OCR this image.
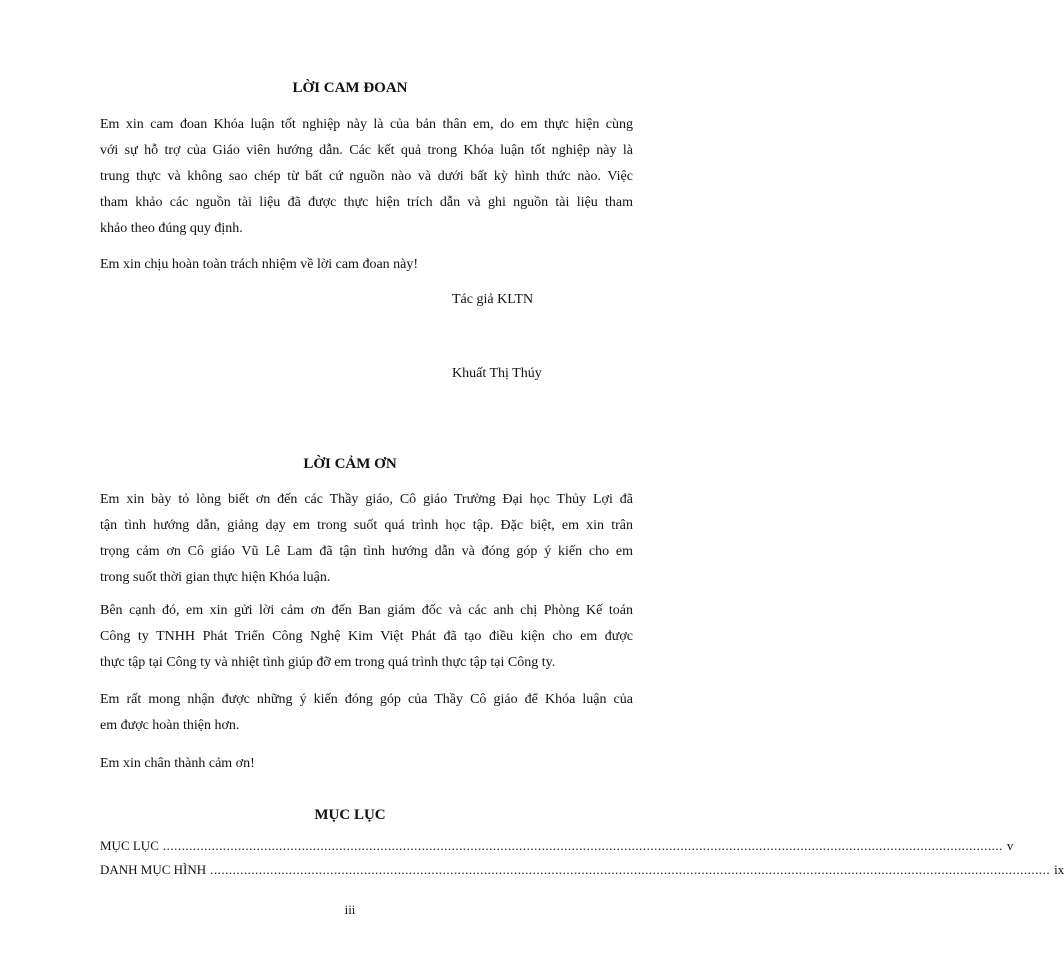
LỜI CAM ĐOAN
Em xin cam đoan Khóa luận tốt nghiệp này là của bản thân em, do em thực hiện cùng
với sự hỗ trợ của Giáo viên hướng dẫn. Các kết quả trong Khóa luận tốt nghiệp này là
trung thực và không sao chép từ bất cứ nguồn nào và dưới bất kỳ hình thức nào. Việc
tham khảo các nguồn tài liệu đã được thực hiện trích dẫn và ghi nguồn tài liệu tham
khảo theo đúng quy định.
Em xin chịu hoàn toàn trách nhiệm về lời cam đoan này!
Tác giả KLTN
Khuất Thị Thúy
LỜI CẢM ƠN
Em xin bày tỏ lòng biết ơn đến các Thầy giáo, Cô giáo Trường Đại học Thủy Lợi đã
tận tình hướng dẫn, giảng dạy em trong suốt quá trình học tập. Đặc biệt, em xin trân
trọng cảm ơn Cô giáo Vũ Lê Lam đã tận tình hướng dẫn và đóng góp ý kiến cho em
trong suốt thời gian thực hiện Khóa luận.
Bên cạnh đó, em xin gửi lời cảm ơn đến Ban giám đốc và các anh chị Phòng Kế toán
Công ty TNHH Phát Triển Công Nghệ Kim Việt Phát đã tạo điều kiện cho em được
thực tập tại Công ty và nhiệt tình giúp đỡ em trong quá trình thực tập tại Công ty.
Em rất mong nhận được những ý kiến đóng góp của Thầy Cô giáo để Khóa luận của
em được hoàn thiện hơn.
Em xin chân thành cảm ơn!
MỤC LỤC
MỤC LỤC ................................................................................................................................................................................................................................ v
DANH MỤC HÌNH ................................................................................................................................................................................................................................ ix
iii
